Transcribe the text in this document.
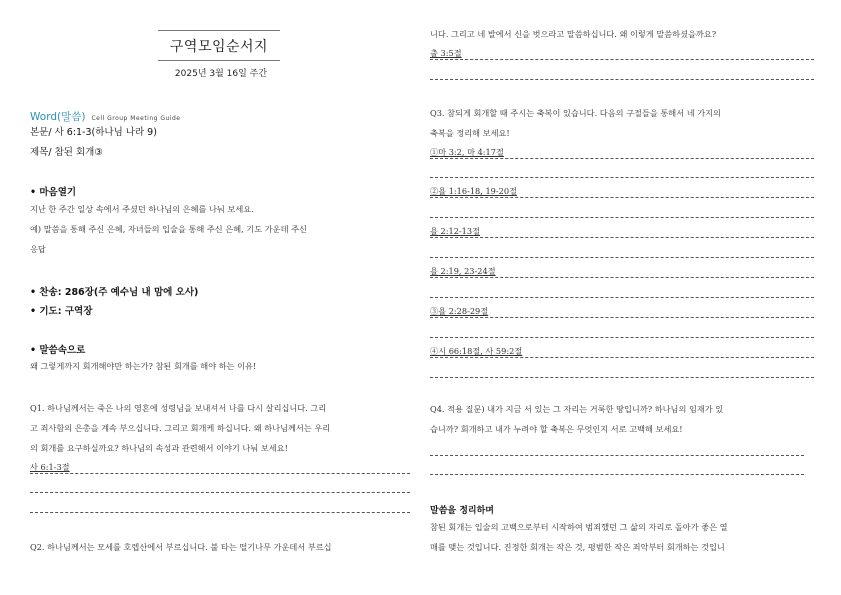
구역모임순서지
2025년 3월 16일 주간
Word(말씀) Cell Group Meeting Guide
본문/ 사 6:1-3(하나님 나라 9)
제목/ 참된 회개③
• 마음열기
지난 한 주간 일상 속에서 주셨던 하나님의 은혜를 나눠 보세요.
예) 말씀을 통해 주신 은혜, 자녀들의 입술을 통해 주신 은혜, 기도 가운데 주신
응답
• 찬송: 286장(주 예수님 내 맘에 오사)
• 기도: 구역장
• 말씀속으로
왜 그렇게까지 회개해야만 하는가? 참된 회개를 해야 하는 이유!
Q1. 하나님께서는 죽은 나의 영혼에 성령님을 보내셔서 나를 다시 살리십니다. 그리
고 죄사함의 은총을 계속 부으십니다. 그리고 회개케 하십니다. 왜 하나님께서는 우리
의 회개를 요구하실까요? 하나님의 속성과 관련해서 이야기 나눠 보세요!
사 6:1-3절
Q2. 하나님께서는 모세를 호렙산에서 부르십니다. 불 타는 떨기나무 가운데서 부르십
니다. 그리고 네 발에서 신을 벗으라고 말씀하십니다. 왜 이렇게 말씀하셨을까요?
출 3:5절
Q3. 참되게 회개할 때 주시는 축복이 있습니다. 다음의 구절들을 통해서 네 가지의
축복을 정리해 보세요!
①마 3:2, 마 4:17절
②욜 1:16-18, 19-20절
욜 2:12-13절
욜 2:19, 23-24절
③욜 2:28-29절
④시 66:18절, 사 59:2절
Q4. 적용 질문) 내가 지금 서 있는 그 자리는 거룩한 땅입니까? 하나님의 임재가 있
습니까? 회개하고 내가 누려야 할 축복은 무엇인지 서로 고백해 보세요!
말씀을 정리하며
참된 회개는 입술의 고백으로부터 시작하여 범죄했던 그 삶의 자리로 돌아가 좋은 열
매를 맺는 것입니다. 진정한 회개는 작은 것, 평범한 작은 죄악부터 회개하는 것입니
